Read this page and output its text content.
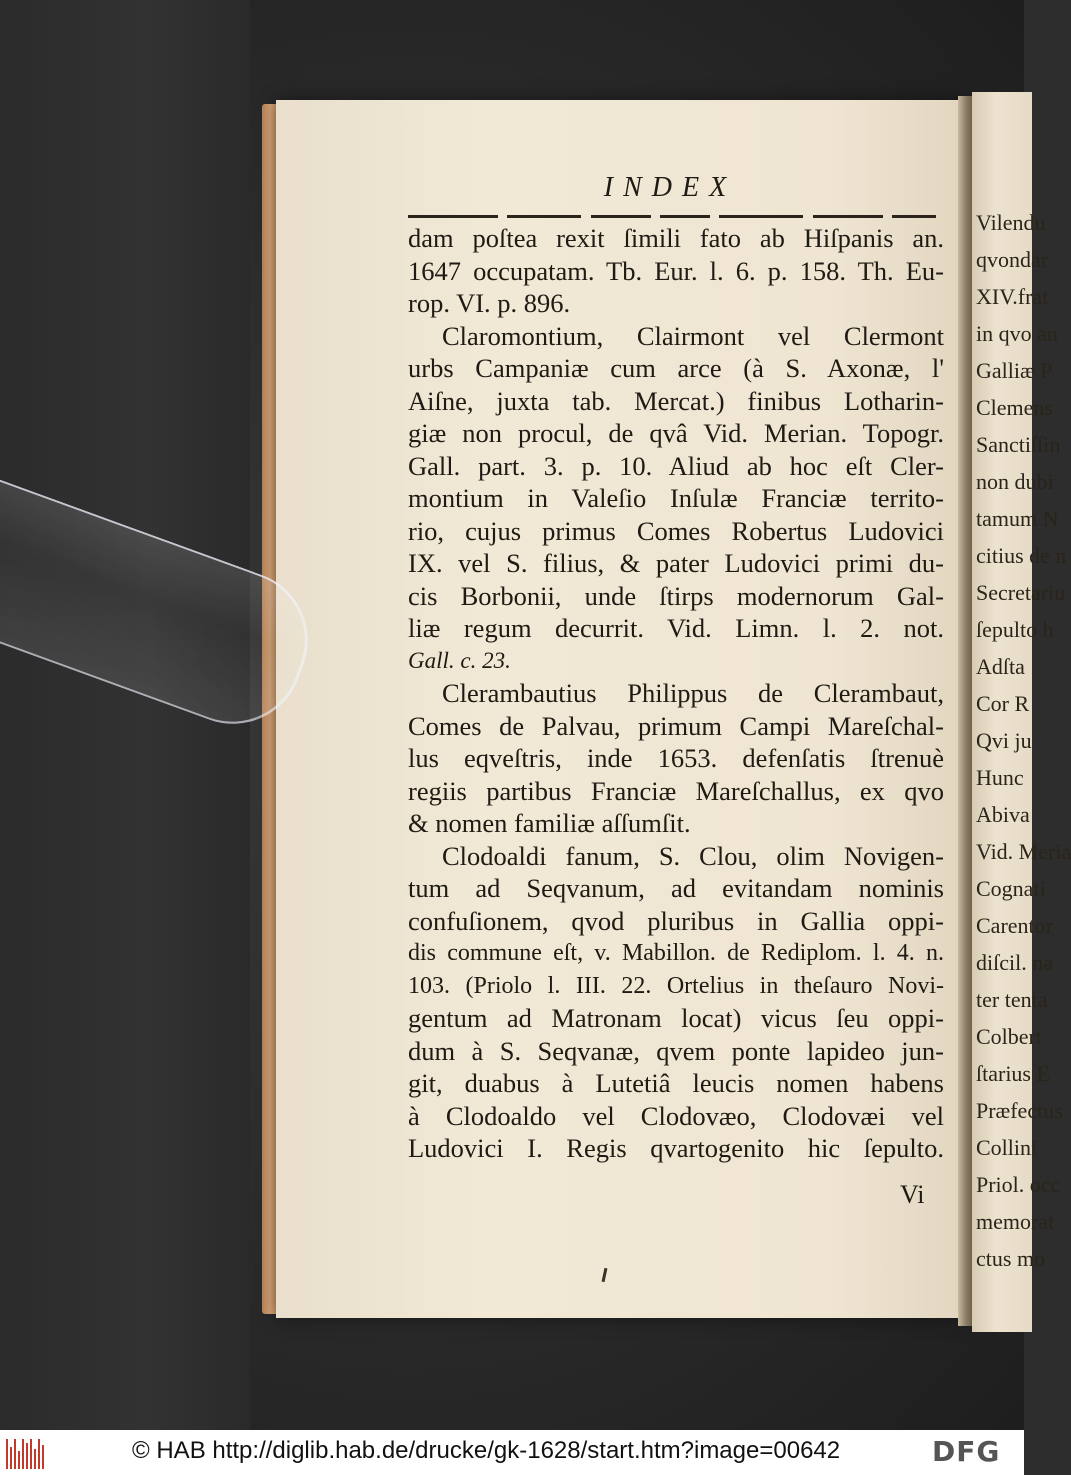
Vilendu
qvondar
XIV.frat
in qvo an
Galliæ P
Clemens
Sanctiſſin
non dubi
tamum N
citius de n
Secretariu
ſepulto h
Adſta
Cor R
Qvi ju
Hunc
Abiva
Vid. Meria
Cognati
Carentor
diſcil. na
ter tenta
Colbert
ſtarius E
Præfectus
Collini
Priol. occ
memorat
ctus mo
INDEX
dam poſtea rexit ſimili fato ab Hiſpanis an.
1647 occupatam. Tb. Eur. l. 6. p. 158. Th. Eu-
rop. VI. p. 896.
Claromontium, Clairmont vel Clermont
urbs Campaniæ cum arce (à S. Axonæ, l'
Aiſne, juxta tab. Mercat.) finibus Lotharin-
giæ non procul, de qvâ Vid. Merian. Topogr.
Gall. part. 3. p. 10. Aliud ab hoc eſt Cler-
montium in Valeſio Inſulæ Franciæ territo-
rio, cujus primus Comes Robertus Ludovici
IX. vel S. filius, & pater Ludovici primi du-
cis Borbonii, unde ſtirps modernorum Gal-
liæ regum decurrit. Vid. Limn. l. 2. not.
Gall. c. 23.
Clerambautius Philippus de Clerambaut,
Comes de Palvau, primum Campi Mareſchal-
lus eqveſtris, inde 1653. defenſatis ſtrenuè
regiis partibus Franciæ Mareſchallus, ex qvo
& nomen familiæ aſſumſit.
Clodoaldi fanum, S. Clou, olim Novigen-
tum ad Seqvanum, ad evitandam nominis
confuſionem, qvod pluribus in Gallia oppi-
dis commune eſt, v. Mabillon. de Rediplom. l. 4. n.
103. (Priolo l. III. 22. Ortelius in theſauro Novi-
gentum ad Matronam locat) vicus ſeu oppi-
dum à S. Seqvanæ, qvem ponte lapideo jun-
git, duabus à Lutetiâ leucis nomen habens
à Clodoaldo vel Clodovæo, Clodovæi vel
Ludovici I. Regis qvartogenito hic ſepulto.
Vi
© HAB http://diglib.hab.de/drucke/gk-1628/start.htm?image=00642	DFG
